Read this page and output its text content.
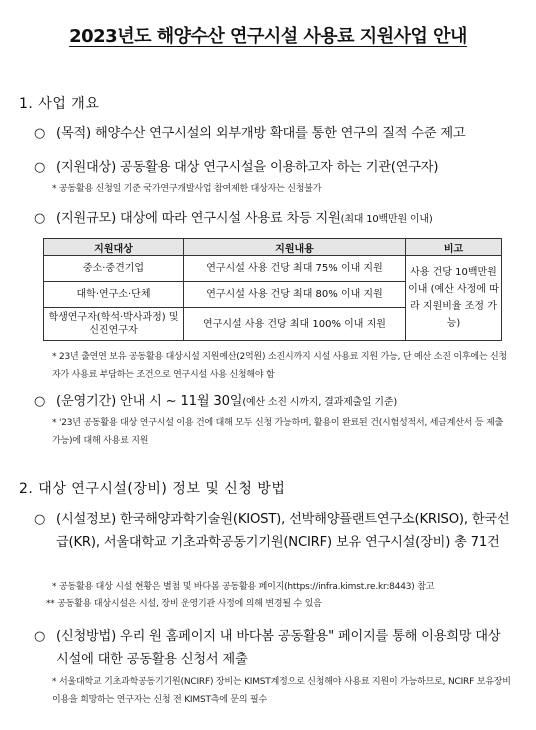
2023년도 해양수산 연구시설 사용료 지원사업 안내
1. 사업 개요
○ (목적) 해양수산 연구시설의 외부개방 확대를 통한 연구의 질적 수준 제고
○ (지원대상) 공동활용 대상 연구시설을 이용하고자 하는 기관(연구자)
* 공동활용 신청일 기준 국가연구개발사업 참여제한 대상자는 신청불가
○ (지원규모) 대상에 따라 연구시설 사용료 차등 지원(최대 10백만원 이내)
지원대상	지원내용	비고
중소·중견기업	연구시설 사용 건당 최대 75% 이내 지원	사용 건당 10백만원 이내 (예산 사정에 따라 지원비율 조정 가능)
대학·연구소·단체	연구시설 사용 건당 최대 80% 이내 지원	
학생연구자(학석·박사과정) 및 신진연구자	연구시설 사용 건당 최대 100% 이내 지원	
* 23년 출연연 보유 공동활용 대상시설 지원예산(2억원) 소진시까지 시설 사용료 지원 가능, 단 예산 소진 이후에는 신청자가 사용료 부담하는 조건으로 연구시설 사용 신청해야 함
○ (운영기간) 안내 시 ~ 11월 30일(예산 소진 시까지, 결과제출일 기준)
* '23년 공동활용 대상 연구시설 이용 건에 대해 모두 신청 가능하며, 활용이 완료된 건(시험성적서, 세금계산서 등 제출 가능)에 대해 사용료 지원
2. 대상 연구시설(장비) 정보 및 신청 방법
○ (시설정보) 한국해양과학기술원(KIOST), 선박해양플랜트연구소(KRISO), 한국선급(KR), 서울대학교 기초과학공동기기원(NCIRF) 보유 연구시설(장비) 총 71건
* 공동활용 대상 시설 현황은 별첨 및 바다봄 공동활용 페이지(https://infra.kimst.re.kr:8443) 참고
** 공동활용 대상시설은 시설, 장비 운영기관 사정에 의해 변경될 수 있음
○ (신청방법) 우리 원 홈페이지 내 바다봄 공동활용" 페이지를 통해 이용희망 대상 시설에 대한 공동활용 신청서 제출
* 서울대학교 기초과학공동기기원(NCIRF) 장비는 KIMST계정으로 신청해야 사용료 지원이 가능하므로, NCIRF 보유장비 이용을 희망하는 연구자는 신청 전 KIMST측에 문의 필수
